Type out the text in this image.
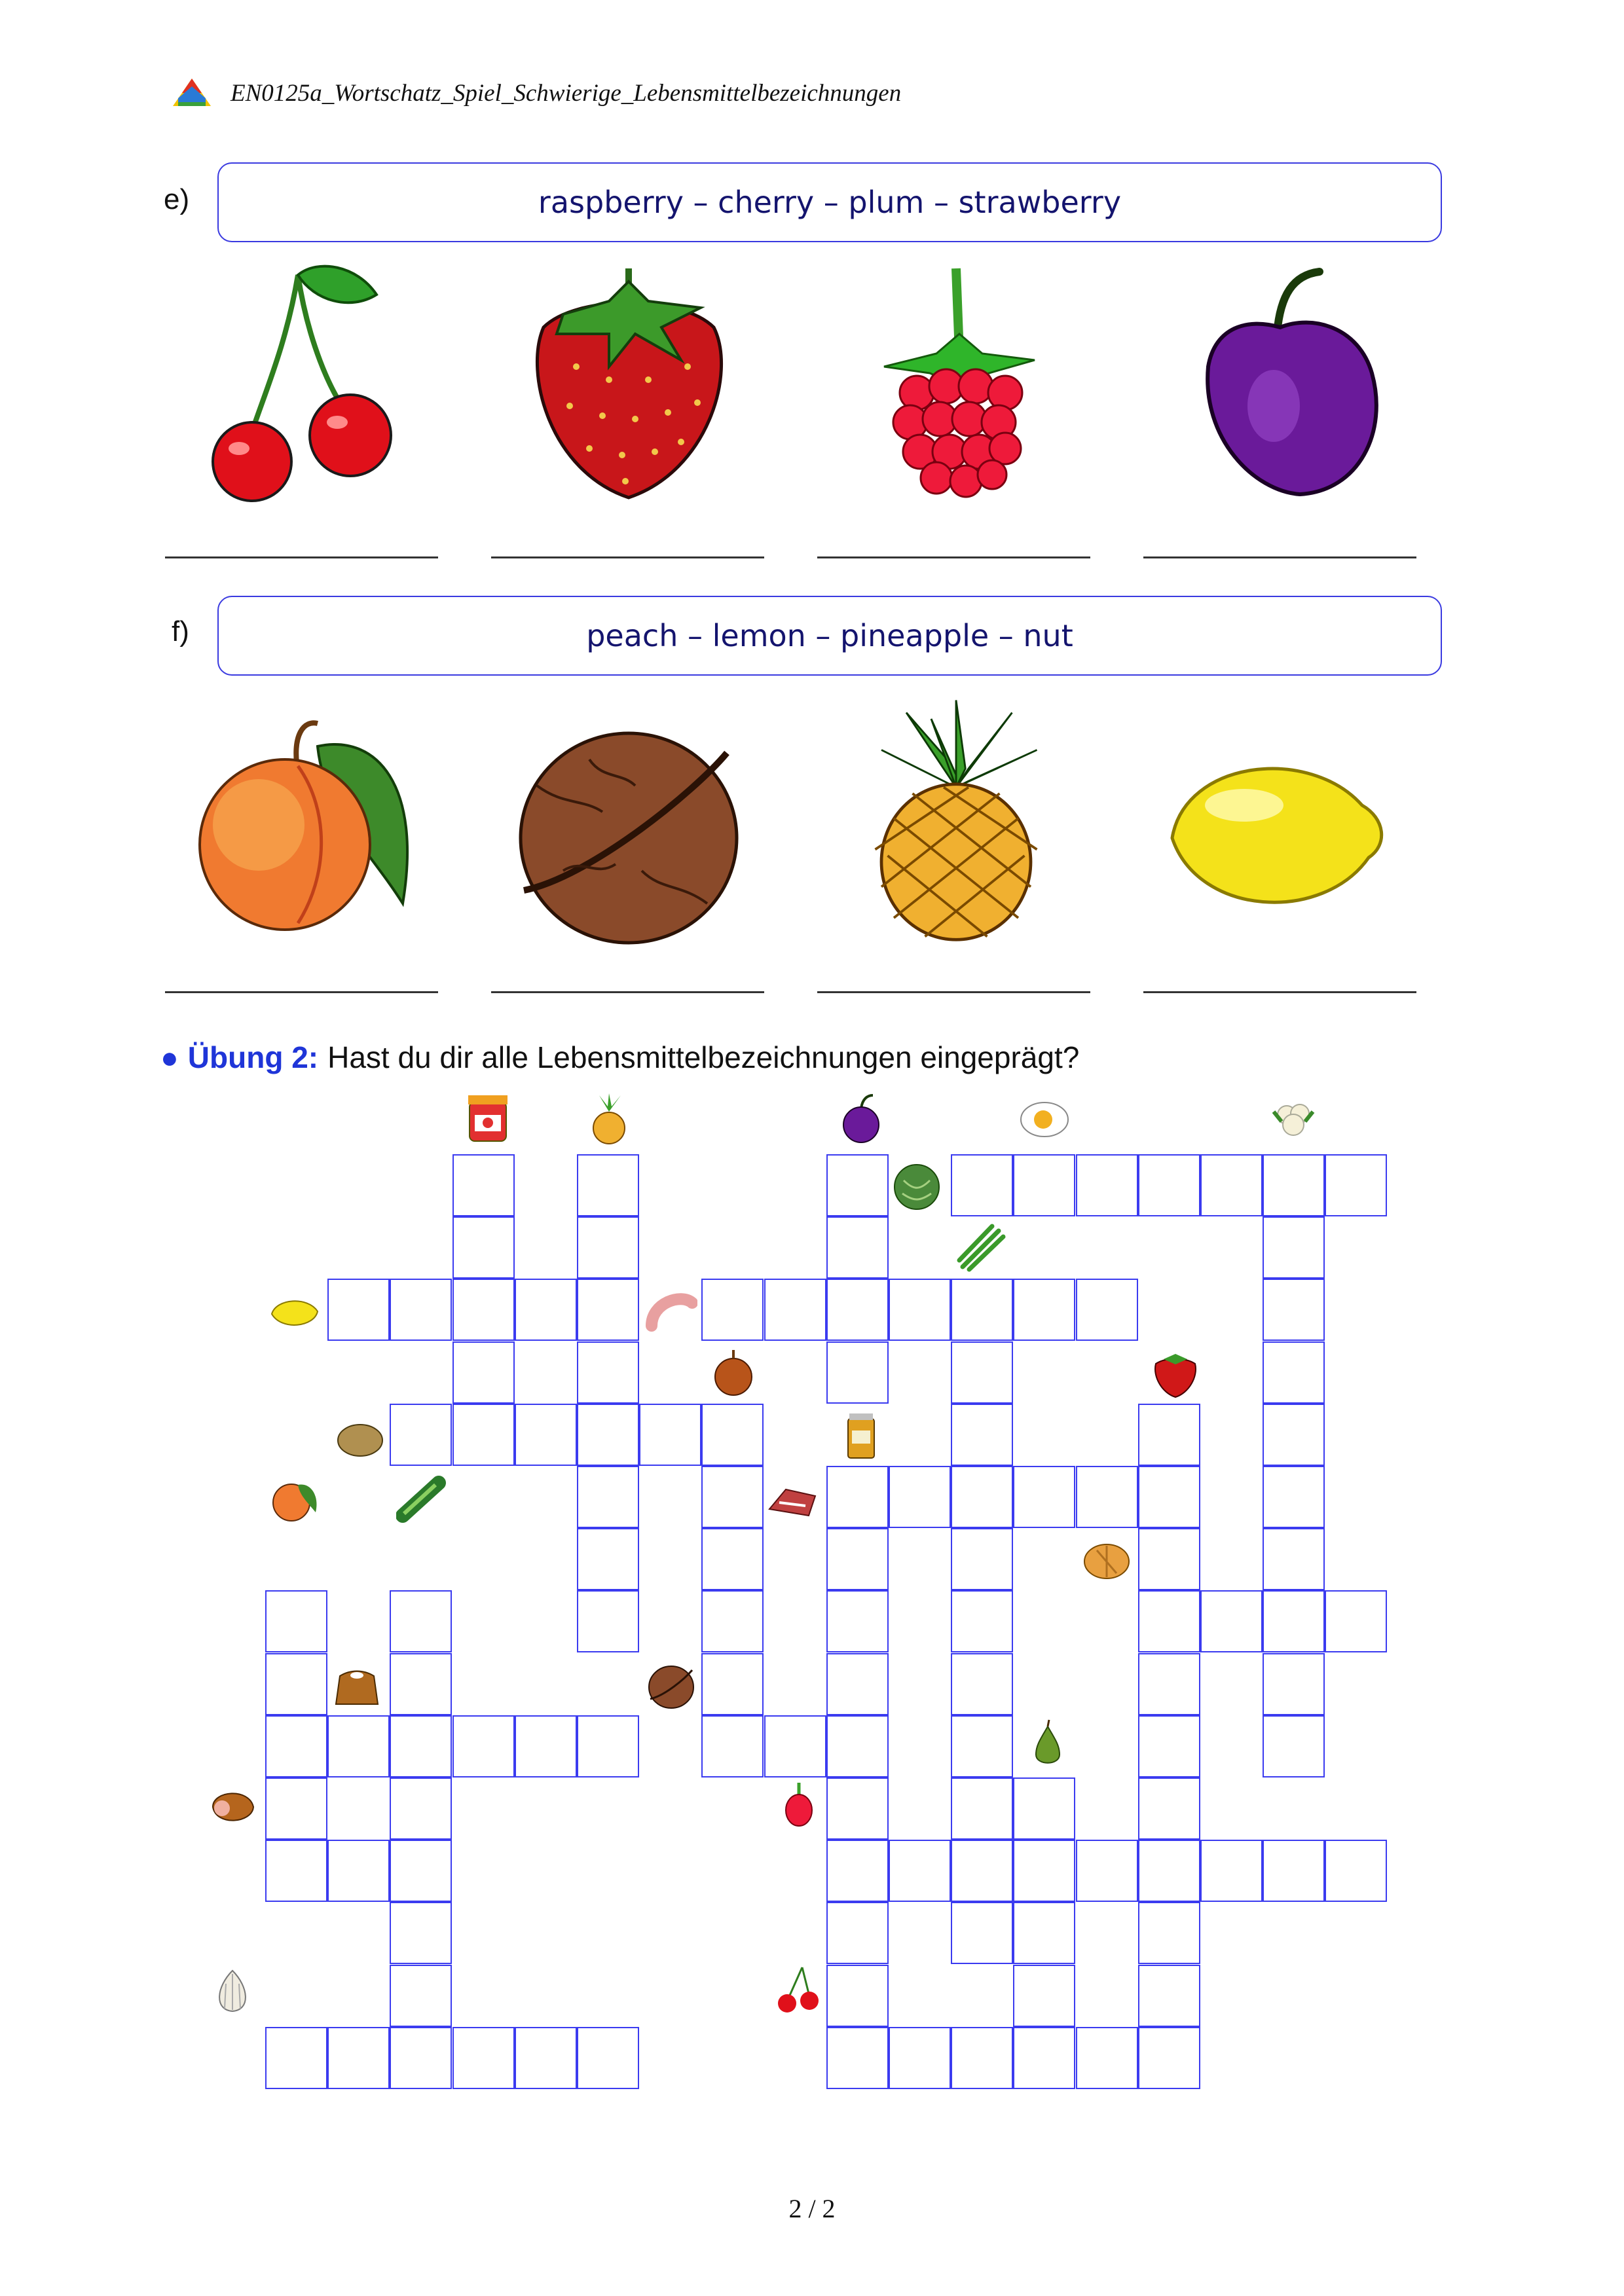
EN0125a_Wortschatz_Spiel_Schwierige_Lebensmittelbezeichnungen
e)	raspberry – cherry – plum – strawberry
f)	peach – lemon – pineapple – nut
● Übung 2: Hast du dir alle Lebensmittelbezeichnungen eingeprägt?
2 / 2
